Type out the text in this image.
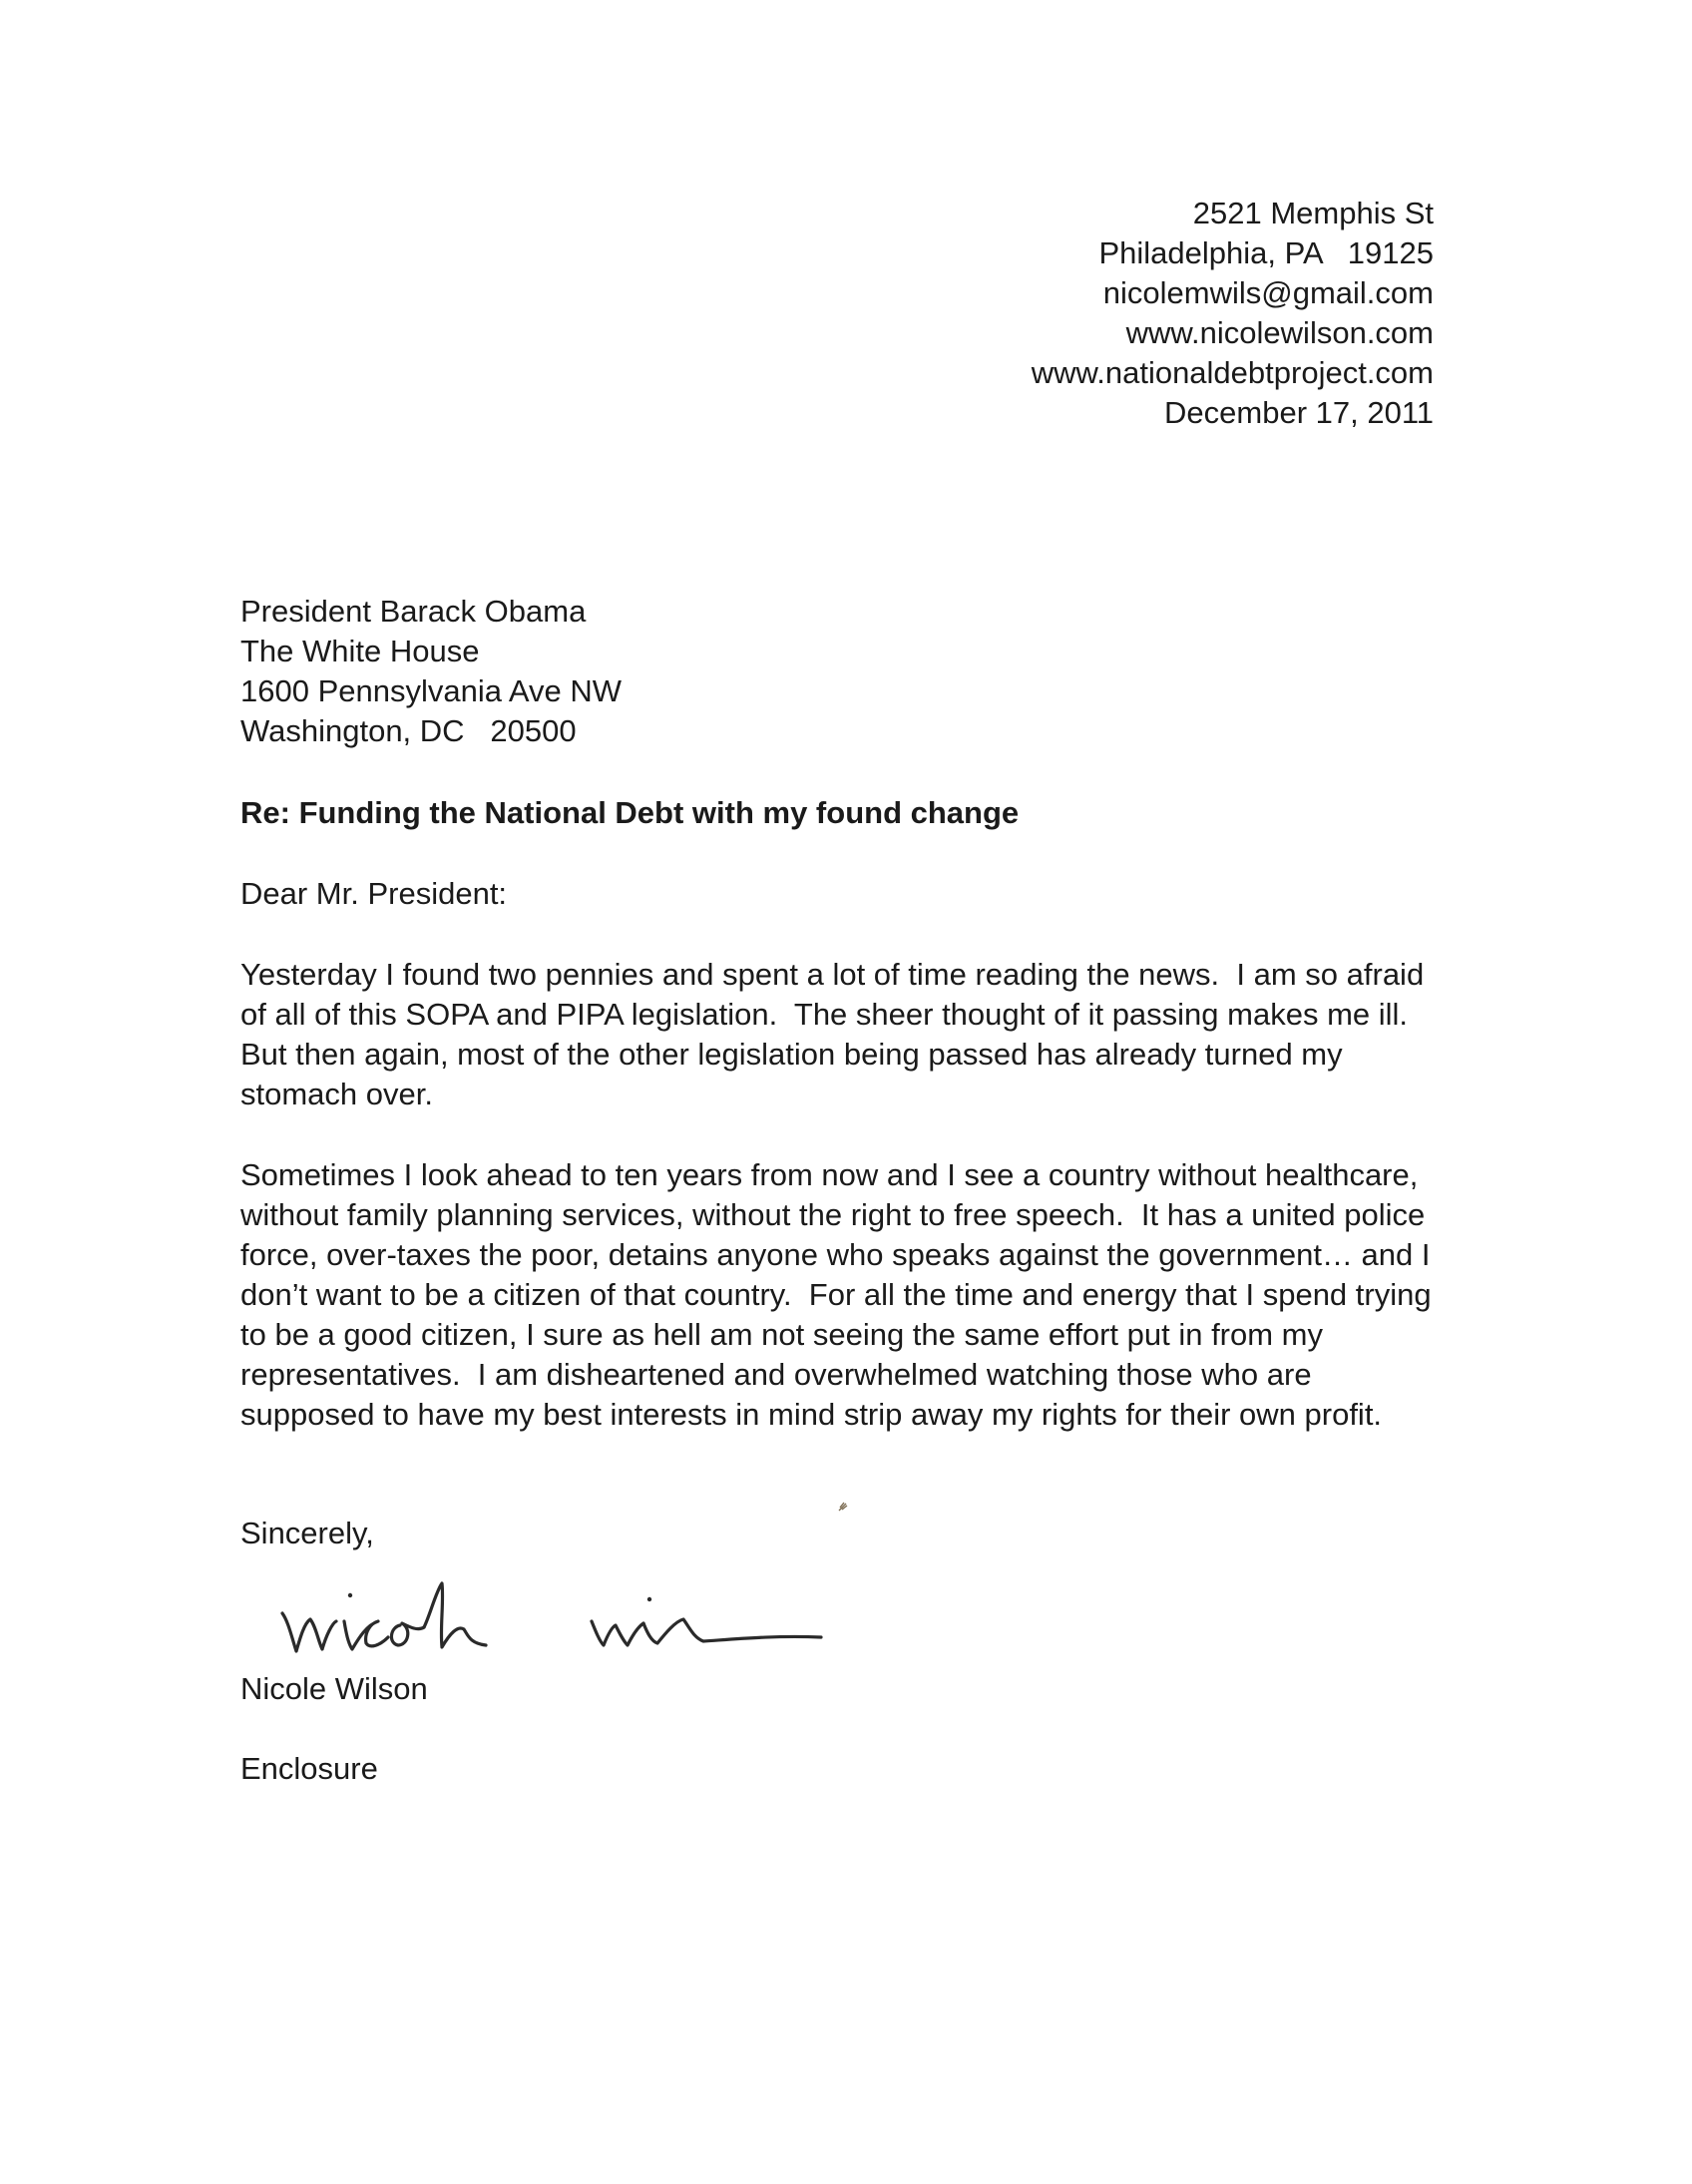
2521 Memphis St
Philadelphia, PA   19125
nicolemwils@gmail.com
www.nicolewilson.com
www.nationaldebtproject.com
December 17, 2011
President Barack Obama
The White House
1600 Pennsylvania Ave NW
Washington, DC   20500
Re: Funding the National Debt with my found change
Dear Mr. President:
Yesterday I found two pennies and spent a lot of time reading the news.  I am so afraid of all of this SOPA and PIPA legislation.  The sheer thought of it passing makes me ill.  But then again, most of the other legislation being passed has already turned my stomach over.
Sometimes I look ahead to ten years from now and I see a country without healthcare, without family planning services, without the right to free speech.  It has a united police force, over-taxes the poor, detains anyone who speaks against the government… and I don’t want to be a citizen of that country.  For all the time and energy that I spend trying to be a good citizen, I sure as hell am not seeing the same effort put in from my representatives.  I am disheartened and overwhelmed watching those who are supposed to have my best interests in mind strip away my rights for their own profit.
Sincerely,
Nicole Wilson
Enclosure
